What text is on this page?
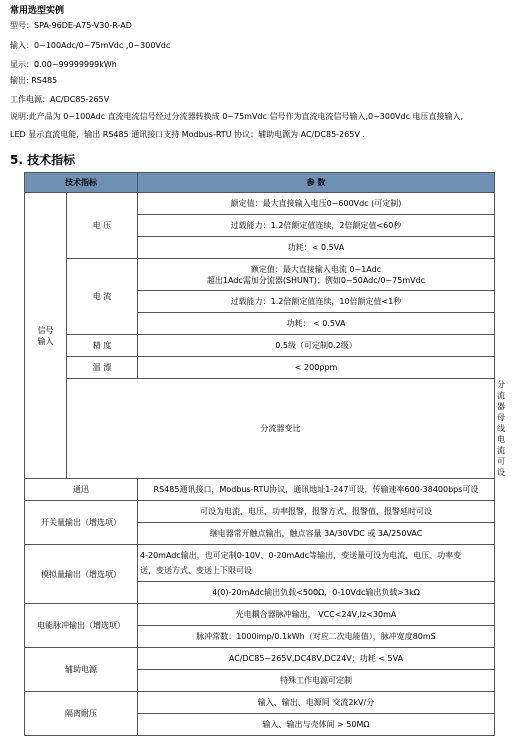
常用选型实例
型号：SPA-96DE-A75-V30-R-AD
输入：0~100Adc/0~75mVdc ,0~300Vdc
显示：0.00~99999999kWh
输出: RS485
工作电源：AC/DC85-265V
说明:此产品为 0~100Adc 直流电流信号经过分流器转换成 0~75mVdc 信号作为直流电流信号输入,0~300Vdc 电压直接输入,
LED 显示直流电能，输出 RS485 通讯接口支持 Modbus-RTU 协议；辅助电源为 AC/DC85-265V .
5. 技术指标
技术指标		参 数	
信号
输入	电 压	额定值：最大直接输入电压0~600Vdc (可定制)	
		过载能力：1.2倍额定值连续，2倍额定值<60秒	
		功耗：< 0.5VA	
	电 流	额定值：最大直接输入电流 0~1Adc
超出1Adc需加分流器(SHUNT)；例如0~50Adc/0~75mVdc	

		过载能力：1.2倍额定值连续，10倍额定值<1秒	
		功耗： < 0.5VA	
	精 度	0.5级（可定制0.2级）	
	温 漂	< 200ppm	
	分流器变比		分流器母线电流可设
通迅		RS485通讯接口，Modbus-RTU协议，通讯地址1-247可设，传输速率600-38400bps可设	
开关量输出（增选项）		可设为电流、电压、功率报警，报警方式、报警值、报警延时可设	
		继电器常开触点输出，触点容量 3A/30VDC 或 3A/250VAC	
模拟量输出（增选项）		4-20mAdc输出，也可定制0-10V、0-20mAdc等输出，变送量可设为电流、电压、功率变
送，变送方式、变送上下限可设	

		4(0)-20mAdc输出负载<500Ω，0-10Vdc输出负载>3kΩ	
电能脉冲输出（增选项）		光电耦合器脉冲输出， VCC<24V,Iz<30mA	
		脉冲常数：1000imp/0.1kWh（对应二次电能值），脉冲宽度80mS	
辅助电源		AC/DC85~265V,DC48V,DC24V；功耗 < 5VA	
		特殊工作电源可定制	
隔离耐压		输入、输出、电源间 交流2kV/分	
		输入、输出与壳体间 > 50MΩ	
